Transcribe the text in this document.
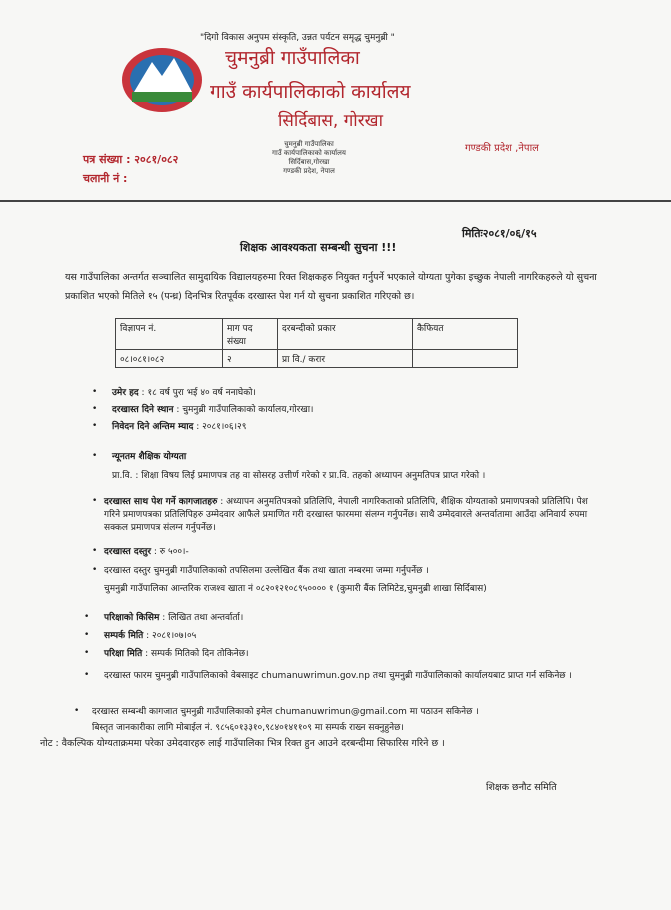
"दिगो विकास अनुपम संस्कृति, उन्नत पर्यटन समृद्ध चुमनुब्री "
चुमनुब्री गाउँपालिका
गाउँ कार्यपालिकाको कार्यालय
सिर्दिबास, गोरखा
गण्डकी प्रदेश ,नेपाल
पत्र संख्या : २०८१/०८२
चलानी नं :
चुमनुब्री गाउँपालिका
गाउँ कार्यपालिकाको कार्यालय
सिर्दिबास,गोरखा
गण्डकी प्रदेश, नेपाल
मितिः२०८१/०६/१५
शिक्षक आवश्यकता सम्बन्धी सुचना !!!
यस गाउँपालिका अन्तर्गत सञ्चालित सामुदायिक विद्यालयहरुमा रिक्त शिक्षकहरु नियुक्त गर्नुपर्ने भएकाले योग्यता पुगेका इच्छुक नेपाली नागरिकहरुले यो सुचना प्रकाशित भएको मितिले १५ (पन्ध्र) दिनभित्र रितपूर्वक दरखास्त पेश गर्न यो सुचना प्रकाशित गरिएको छ।
विज्ञापन नं.	माग पद संख्या	दरबन्दीको प्रकार	कैफियत
०८।०८१।०८२	२	प्रा वि./ करार	
• उमेर हद : १८ वर्ष पुरा भई ४० वर्ष ननाघेको।
• दरखास्त दिने स्थान : चुमनुब्री गाउँपालिकाको कार्यालय,गोरखा।
• निवेदन दिने अन्तिम म्याद : २०८१।०६।२९
• न्यूनतम शैक्षिक योग्यता
प्रा.वि. : शिक्षा विषय लिई प्रमाणपत्र तह वा सोसरह उत्तीर्ण गरेको र प्रा.वि. तहको अध्यापन अनुमतिपत्र प्राप्त गरेको ।
• दरखास्त साथ पेश गर्ने कागजातहरु : अध्यापन अनुमतिपत्रको प्रतिलिपि, नेपाली नागरिकताको प्रतिलिपि, शैक्षिक योग्यताको प्रमाणपत्रको प्रतिलिपि। पेश गरिने प्रमाणपत्रका प्रतिलिपिहरु उम्मेदवार आफैले प्रमाणित गरी दरखास्त फारममा संलग्न गर्नुपर्नेछ। साथै उम्मेदवारले अन्तर्वातामा आउँदा अनिवार्य रुपमा सक्कल प्रमाणपत्र संलग्न गर्नुपर्नेछ।
• दरखास्त दस्तुर : रु ५००।-
• दरखास्त दस्तुर चुमनुब्री गाउँपालिकाको तपसिलमा उल्लेखित बैंक तथा खाता नम्बरमा जम्मा गर्नुपर्नेछ ।
चुमनुब्री गाउँपालिका आन्तरिक राजश्व खाता नं ०८२०१२१०८९५०००० १ (कुमारी बैंक लिमिटेड,चुमनुब्री शाखा सिर्दिबास)
• परिक्षाको किसिम : लिखित तथा अन्तर्वार्ता।
• सम्पर्क मिति : २०८१।०७।०५
• परिक्षा मिति : सम्पर्क मितिको दिन तोकिनेछ।
• दरखास्त फारम चुमनुब्री गाउँपालिकाको वेबसाइट chumanuwrimun.gov.np तथा चुमनुब्री गाउँपालिकाको कार्यालयबाट प्राप्त गर्न सकिनेछ ।
• दरखास्त सम्बन्धी कागजात चुमनुब्री गाउँपालिकाको इमेल chumanuwrimun@gmail.com मा पठाउन सकिनेछ ।
बिस्तृत जानकारीका लागि मोबाईल नं. ९८५६०१३३१०,९८४०१४११०९ मा सम्पर्क राख्न सक्नुहुनेछ।
नोट : वैकल्पिक योग्यताक्रममा परेका उमेदवारहरु लाई गाउँपालिका भित्र रिक्त हुन आउने दरबन्दीमा सिफारिस गरिने छ ।
शिक्षक छनौट समिति
